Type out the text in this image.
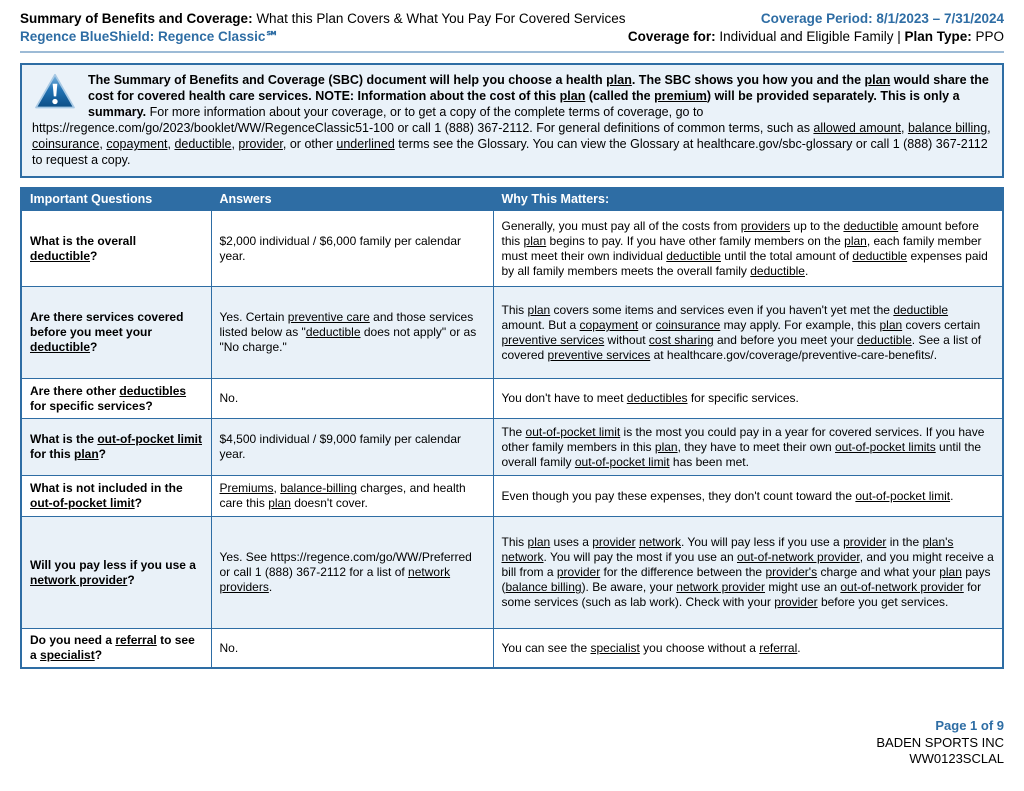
Summary of Benefits and Coverage: What this Plan Covers & What You Pay For Covered Services
Regence BlueShield: Regence Classic℠
Coverage Period: 8/1/2023 – 7/31/2024
Coverage for: Individual and Eligible Family | Plan Type: PPO

The Summary of Benefits and Coverage (SBC) document will help you choose a health plan. The SBC shows you how you and the plan would share the cost for covered health care services. NOTE: Information about the cost of this plan (called the premium) will be provided separately. This is only a summary. For more information about your coverage, or to get a copy of the complete terms of coverage, go to https://regence.com/go/2023/booklet/WW/RegenceClassic51-100 or call 1 (888) 367-2112. For general definitions of common terms, such as allowed amount, balance billing, coinsurance, copayment, deductible, provider, or other underlined terms see the Glossary. You can view the Glossary at healthcare.gov/sbc-glossary or call 1 (888) 367-2112 to request a copy.

Important Questions	Answers	Why This Matters:
What is the overall deductible?	$2,000 individual / $6,000 family per calendar year.	Generally, you must pay all of the costs from providers up to the deductible amount before this plan begins to pay. If you have other family members on the plan, each family member must meet their own individual deductible until the total amount of deductible expenses paid by all family members meets the overall family deductible.
Are there services covered before you meet your deductible?	Yes. Certain preventive care and those services listed below as "deductible does not apply" or as "No charge."	This plan covers some items and services even if you haven't yet met the deductible amount. But a copayment or coinsurance may apply. For example, this plan covers certain preventive services without cost sharing and before you meet your deductible. See a list of covered preventive services at healthcare.gov/coverage/preventive-care-benefits/.
Are there other deductibles for specific services?	No.	You don't have to meet deductibles for specific services.
What is the out-of-pocket limit for this plan?	$4,500 individual / $9,000 family per calendar year.	The out-of-pocket limit is the most you could pay in a year for covered services. If you have other family members in this plan, they have to meet their own out-of-pocket limits until the overall family out-of-pocket limit has been met.
What is not included in the out-of-pocket limit?	Premiums, balance-billing charges, and health care this plan doesn't cover.	Even though you pay these expenses, they don't count toward the out-of-pocket limit.
Will you pay less if you use a network provider?	Yes. See https://regence.com/go/WW/Preferred or call 1 (888) 367-2112 for a list of network providers.	This plan uses a provider network. You will pay less if you use a provider in the plan's network. You will pay the most if you use an out-of-network provider, and you might receive a bill from a provider for the difference between the provider's charge and what your plan pays (balance billing). Be aware, your network provider might use an out-of-network provider for some services (such as lab work). Check with your provider before you get services.
Do you need a referral to see a specialist?	No.	You can see the specialist you choose without a referral.
Page 1 of 9
BADEN SPORTS INC
WW0123SCLAL
